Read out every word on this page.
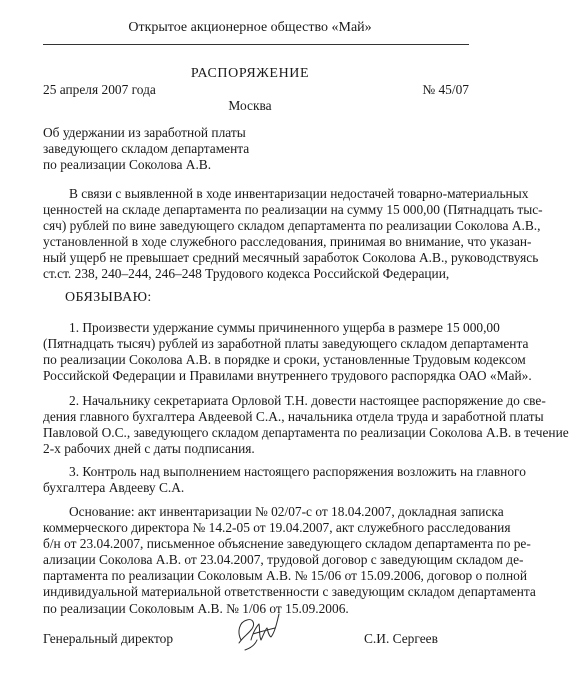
Открытое акционерное общество «Май»
РАСПОРЯЖЕНИЕ
25 апреля 2007 года	№ 45/07
Москва
Об удержании из заработной платы
заведующего складом департамента
по реализации Соколова А.В.
В связи с выявленной в ходе инвентаризации недостачей товарно-материальных
ценностей на складе департамента по реализации на сумму 15 000,00 (Пятнадцать тыс-
сяч) рублей по вине заведующего складом департамента по реализации Соколова А.В.,
установленной в ходе служебного расследования, принимая во внимание, что указан-
ный ущерб не превышает средний месячный заработок Соколова А.В., руководствуясь
ст.ст. 238, 240–244, 246–248 Трудового кодекса Российской Федерации,
ОБЯЗЫВАЮ:
1. Произвести удержание суммы причиненного ущерба в размере 15 000,00
(Пятнадцать тысяч) рублей из заработной платы заведующего складом департамента
по реализации Соколова А.В. в порядке и сроки, установленные Трудовым кодексом
Российской Федерации и Правилами внутреннего трудового распорядка ОАО «Май».
2. Начальнику секретариата Орловой Т.Н. довести настоящее распоряжение до све-
дения главного бухгалтера Авдеевой С.А., начальника отдела труда и заработной платы
Павловой О.С., заведующего складом департамента по реализации Соколова А.В. в течение
2-х рабочих дней с даты подписания.
3. Контроль над выполнением настоящего распоряжения возложить на главного
бухгалтера Авдееву С.А.
Основание: акт инвентаризации № 02/07-с от 18.04.2007, докладная записка
коммерческого директора № 14.2-05 от 19.04.2007, акт служебного расследования
б/н от 23.04.2007, письменное объяснение заведующего складом департамента по ре-
ализации Соколова А.В. от 23.04.2007, трудовой договор с заведующим складом де-
партамента по реализации Соколовым А.В. № 15/06 от 15.09.2006, договор о полной
индивидуальной материальной ответственности с заведующим складом департамента
по реализации Соколовым А.В. № 1/06 от 15.09.2006.
Генеральный директор	С.И. Сергеев
